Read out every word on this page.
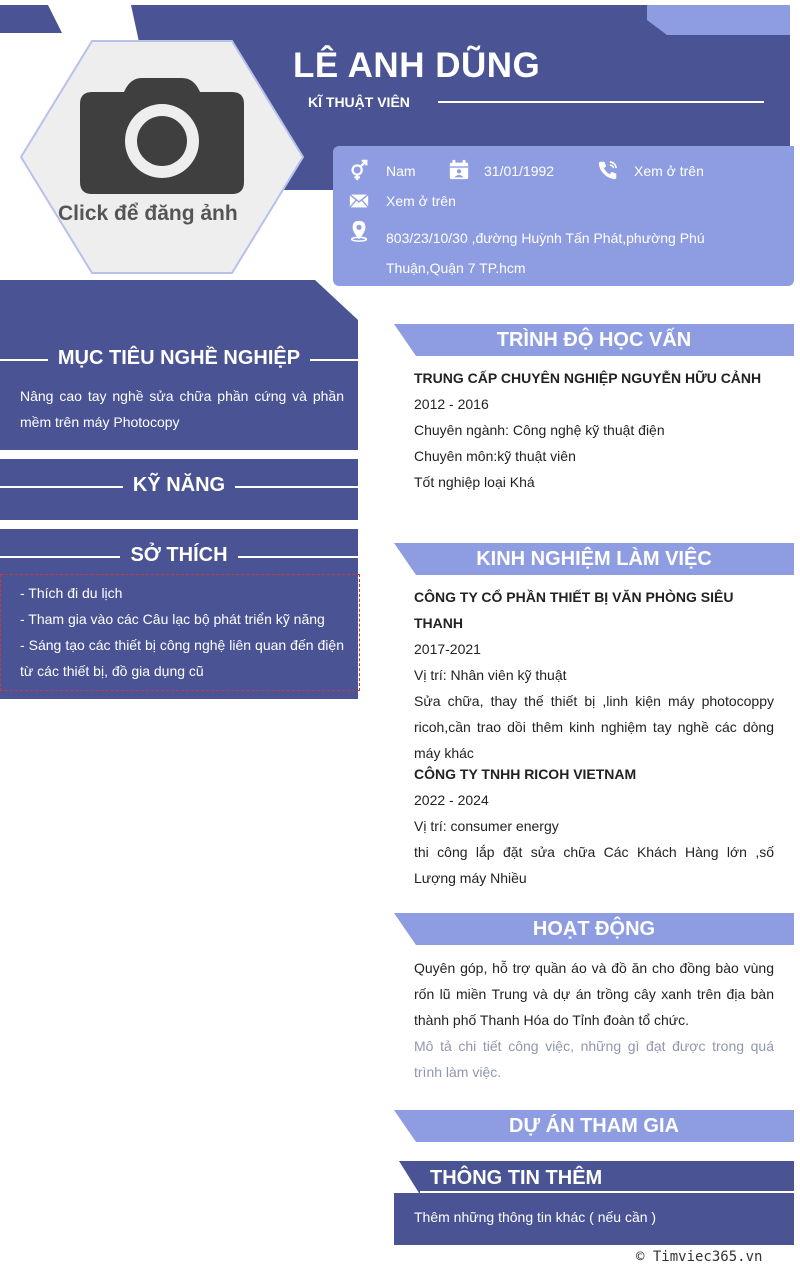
LÊ ANH DŨNG
KĨ THUẬT VIÊN
Nam	31/01/1992	Xem ở trên
Xem ở trên
803/23/10/30 ,đường Huỳnh Tấn Phát,phường Phú Thuận,Quận 7 TP.hcm
Click để đăng ảnh
MỤC TIÊU NGHỀ NGHIỆP
Nâng cao tay nghề sửa chữa phần cứng và phần mềm trên máy Photocopy
KỸ NĂNG
SỞ THÍCH
- Thích đi du lịch
- Tham gia vào các Câu lạc bộ phát triển kỹ năng
- Sáng tạo các thiết bị công nghệ liên quan đến điện từ các thiết bị, đồ gia dụng cũ
TRÌNH ĐỘ HỌC VẤN
TRUNG CẤP CHUYÊN NGHIỆP NGUYỄN HỮU CẢNH
2012 - 2016
Chuyên ngành: Công nghệ kỹ thuật điện
Chuyên môn:kỹ thuật viên
Tốt nghiệp loại Khá
KINH NGHIỆM LÀM VIỆC
CÔNG TY CỔ PHẦN THIẾT BỊ VĂN PHÒNG SIÊU THANH
2017-2021
Vị trí: Nhân viên kỹ thuật
Sửa chữa, thay thế thiết bị ,linh kiện máy photocoppy ricoh,cần trao dồi thêm kinh nghiệm tay nghề các dòng máy khác
CÔNG TY TNHH RICOH VIETNAM
2022 - 2024
Vị trí: consumer energy
thi công lắp đặt sửa chữa Các Khách Hàng lớn ,số Lượng máy Nhiều
HOẠT ĐỘNG
Quyên góp, hỗ trợ quần áo và đồ ăn cho đồng bào vùng rốn lũ miền Trung và dự án trồng cây xanh trên địa bàn thành phố Thanh Hóa do Tỉnh đoàn tổ chức.
Mô tả chi tiết công việc, những gì đạt được trong quá trình làm việc.
DỰ ÁN THAM GIA
THÔNG TIN THÊM
Thêm những thông tin khác ( nếu cần )
© Timviec365.vn
